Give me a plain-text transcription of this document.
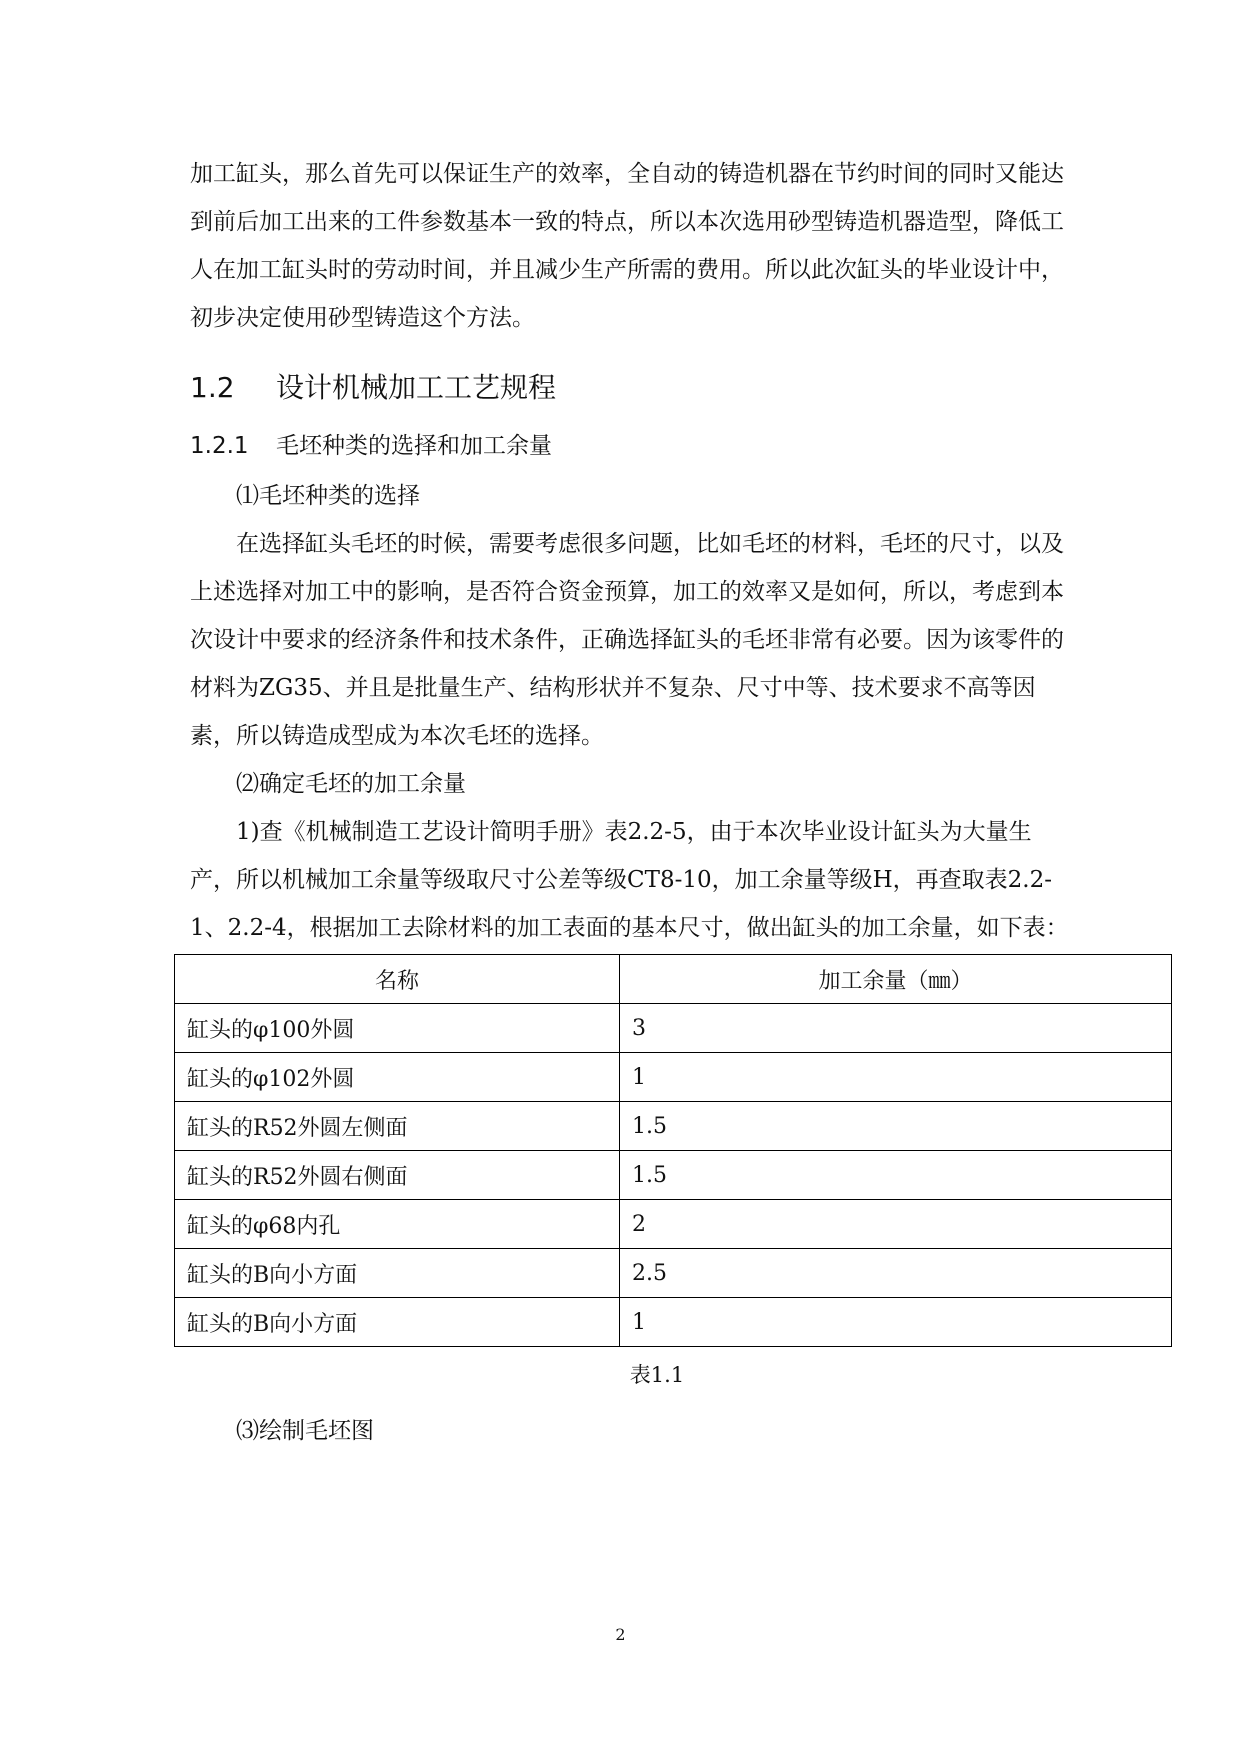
加工缸头，那么首先可以保证生产的效率，全自动的铸造机器在节约时间的同时又能达到前后加工出来的工件参数基本一致的特点，所以本次选用砂型铸造机器造型，降低工人在加工缸头时的劳动时间，并且减少生产所需的费用。所以此次缸头的毕业设计中，初步决定使用砂型铸造这个方法。

1.2 设计机械加工工艺规程
1.2.1 毛坯种类的选择和加工余量

⑴毛坯种类的选择

在选择缸头毛坯的时候，需要考虑很多问题，比如毛坯的材料，毛坯的尺寸，以及上述选择对加工中的影响，是否符合资金预算，加工的效率又是如何，所以，考虑到本次设计中要求的经济条件和技术条件，正确选择缸头的毛坯非常有必要。因为该零件的材料为ZG35、并且是批量生产、结构形状并不复杂、尺寸中等、技术要求不高等因素，所以铸造成型成为本次毛坯的选择。

⑵确定毛坯的加工余量

1)查《机械制造工艺设计简明手册》表2.2-5，由于本次毕业设计缸头为大量生产，所以机械加工余量等级取尺寸公差等级CT8-10，加工余量等级H，再查取表2.2-1、2.2-4，根据加工去除材料的加工表面的基本尺寸，做出缸头的加工余量，如下表：

名称	加工余量（㎜）
缸头的φ100外圆	3
缸头的φ102外圆	1
缸头的R52外圆左侧面	1.5
缸头的R52外圆右侧面	1.5
缸头的φ68内孔	2
缸头的B向小方面	2.5
缸头的B向小方面	1
表1.1

⑶绘制毛坯图

2
